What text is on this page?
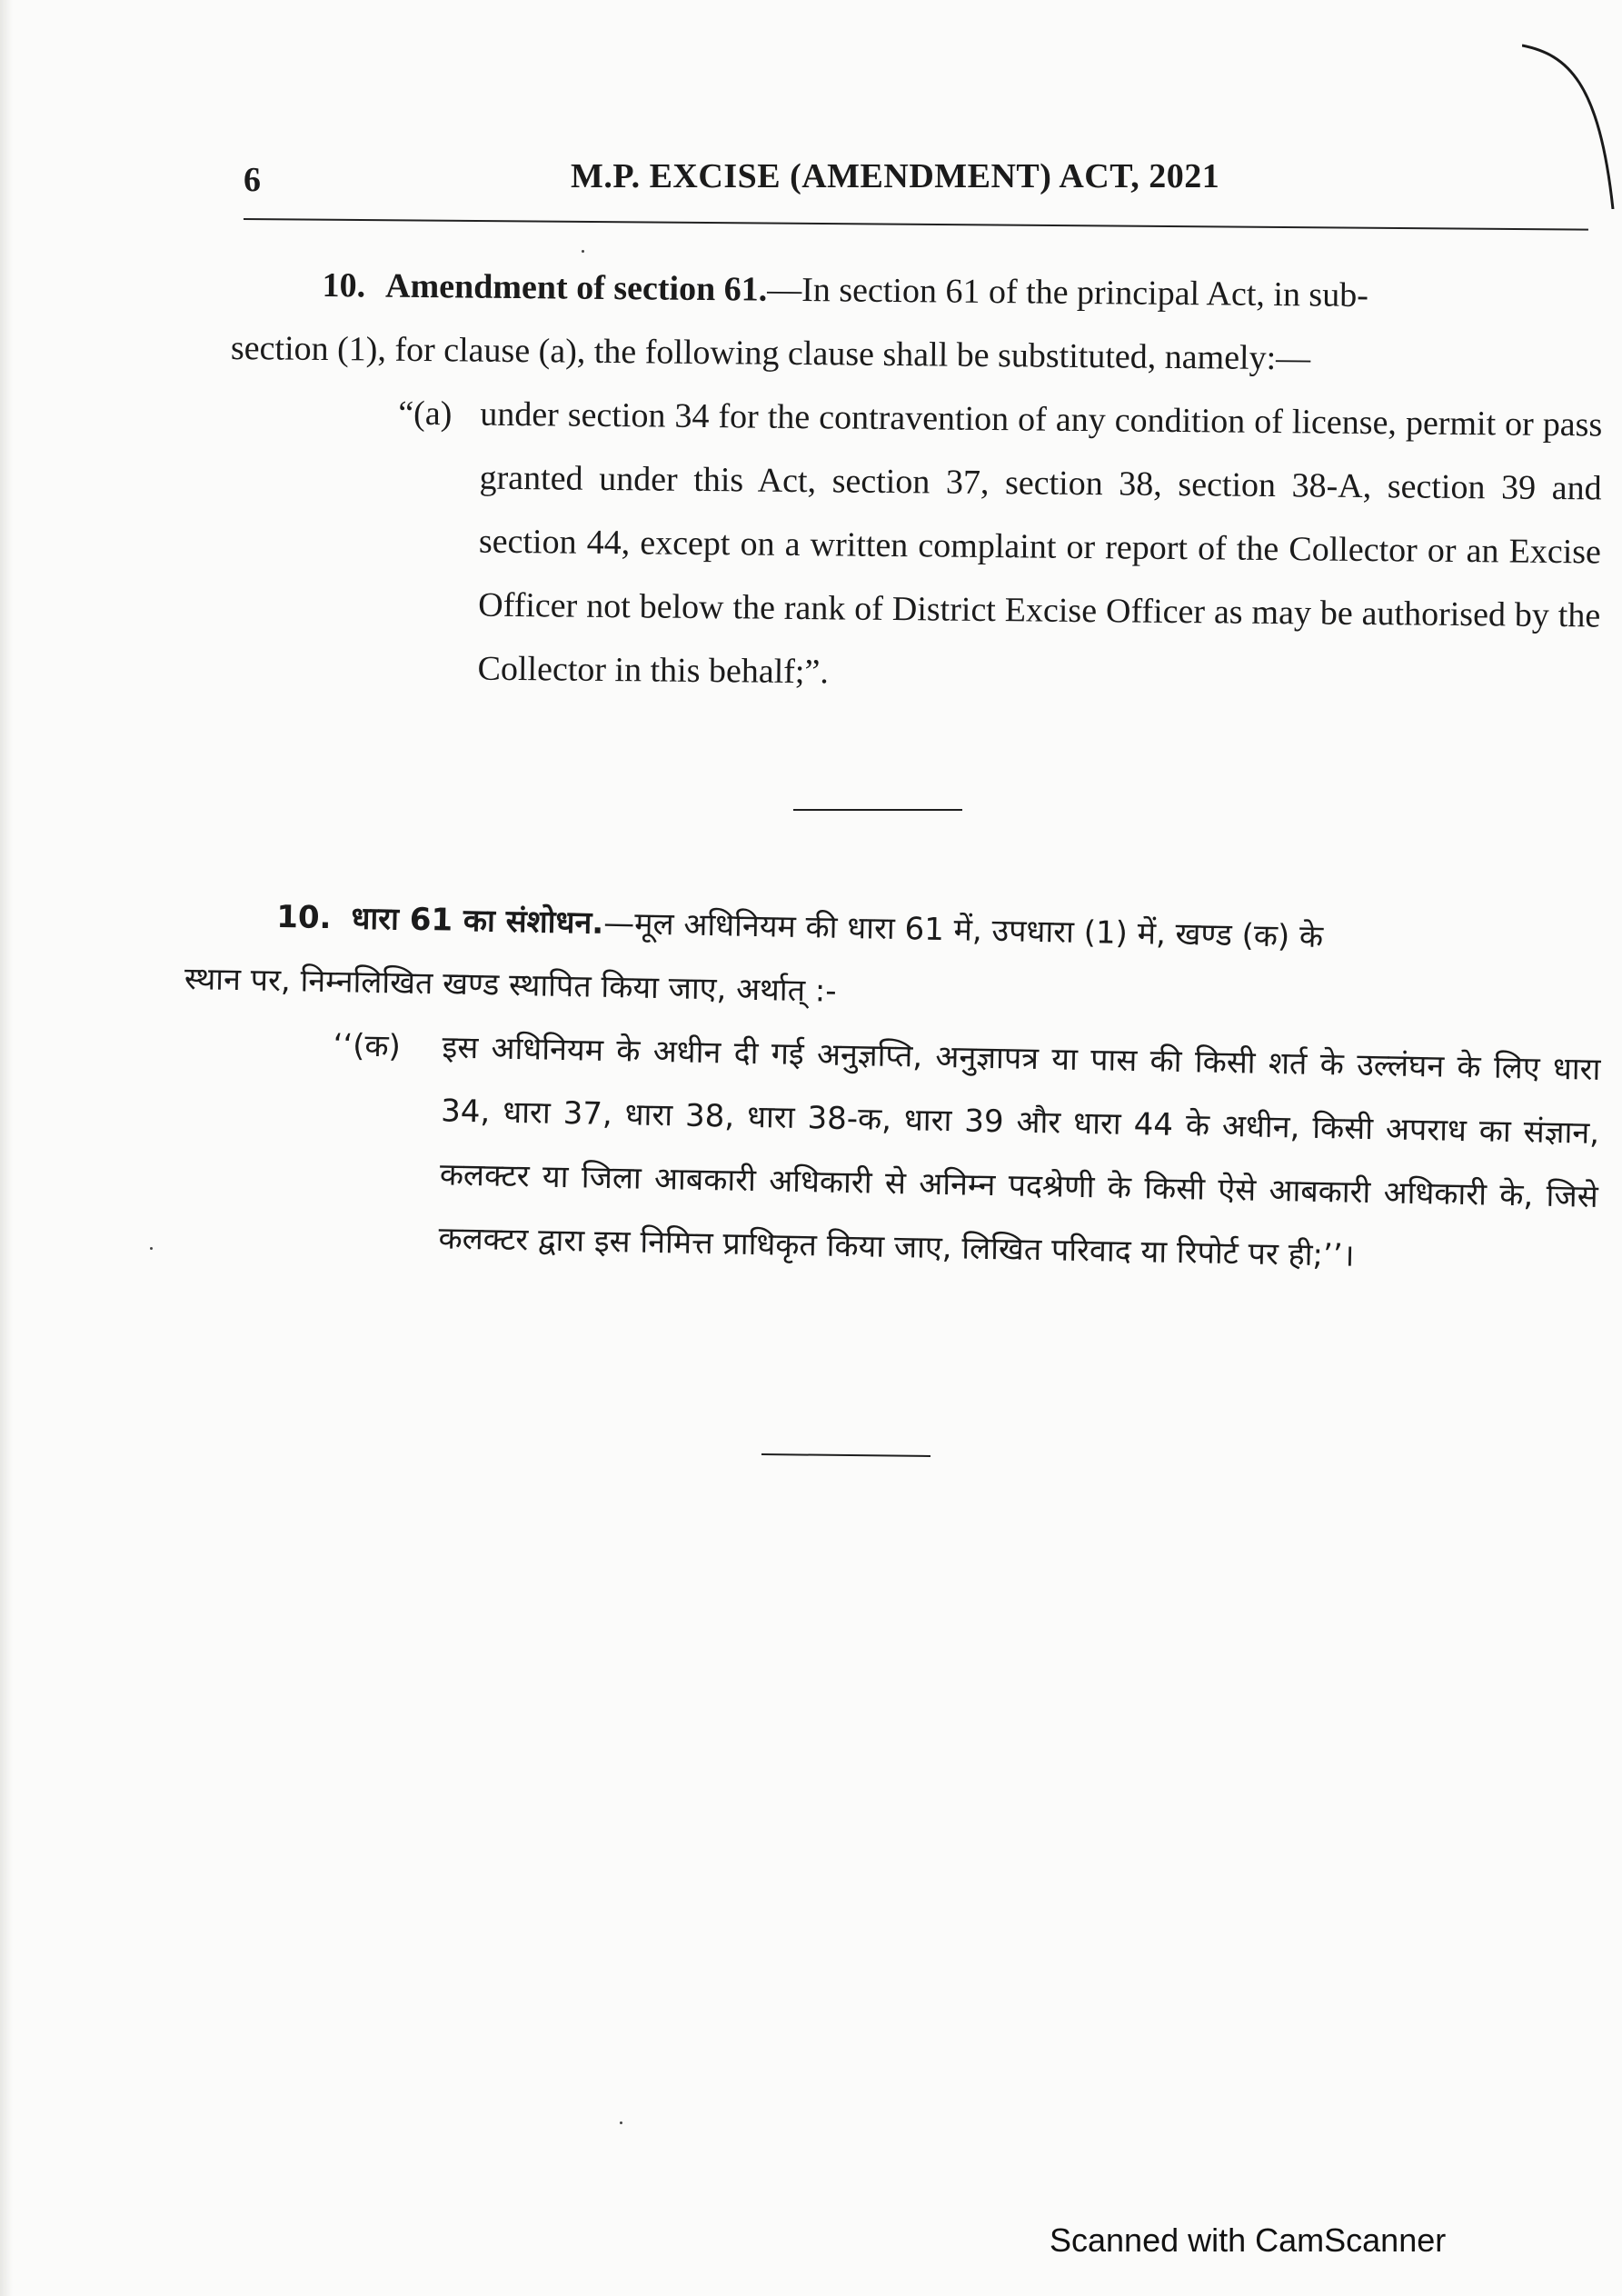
6	M.P. EXCISE (AMENDMENT) ACT, 2021

10. Amendment of section 61.—In section 61 of the principal Act, in sub-

section (1), for clause (a), the following clause shall be substituted, namely:—

“(a) under section 34 for the contravention of any condition of license, permit or pass granted under this Act, section 37, section 38, section 38-A, section 39 and section 44, except on a written complaint or report of the Collector or an Excise Officer not below the rank of District Excise Officer as may be authorised by the Collector in this behalf;”.

10. धारा 61 का संशोधन.—मूल अधिनियम की धारा 61 में, उपधारा (1) में, खण्ड (क) के

स्थान पर, निम्नलिखित खण्ड स्थापित किया जाए, अर्थात् :-

‘‘(क)	इस अधिनियम के अधीन दी गई अनुज्ञप्ति, अनुज्ञापत्र या पास की किसी शर्त के उल्लंघन के लिए धारा 34, धारा 37, धारा 38, धारा 38-क, धारा 39 और धारा 44 के अधीन, किसी अपराध का संज्ञान, कलक्टर या जिला आबकारी अधिकारी से अनिम्न पदश्रेणी के किसी ऐसे आबकारी अधिकारी के, जिसे कलक्टर द्वारा इस निमित्त प्राधिकृत किया जाए, लिखित परिवाद या रिपोर्ट पर ही;’’।
Scanned with CamScanner
